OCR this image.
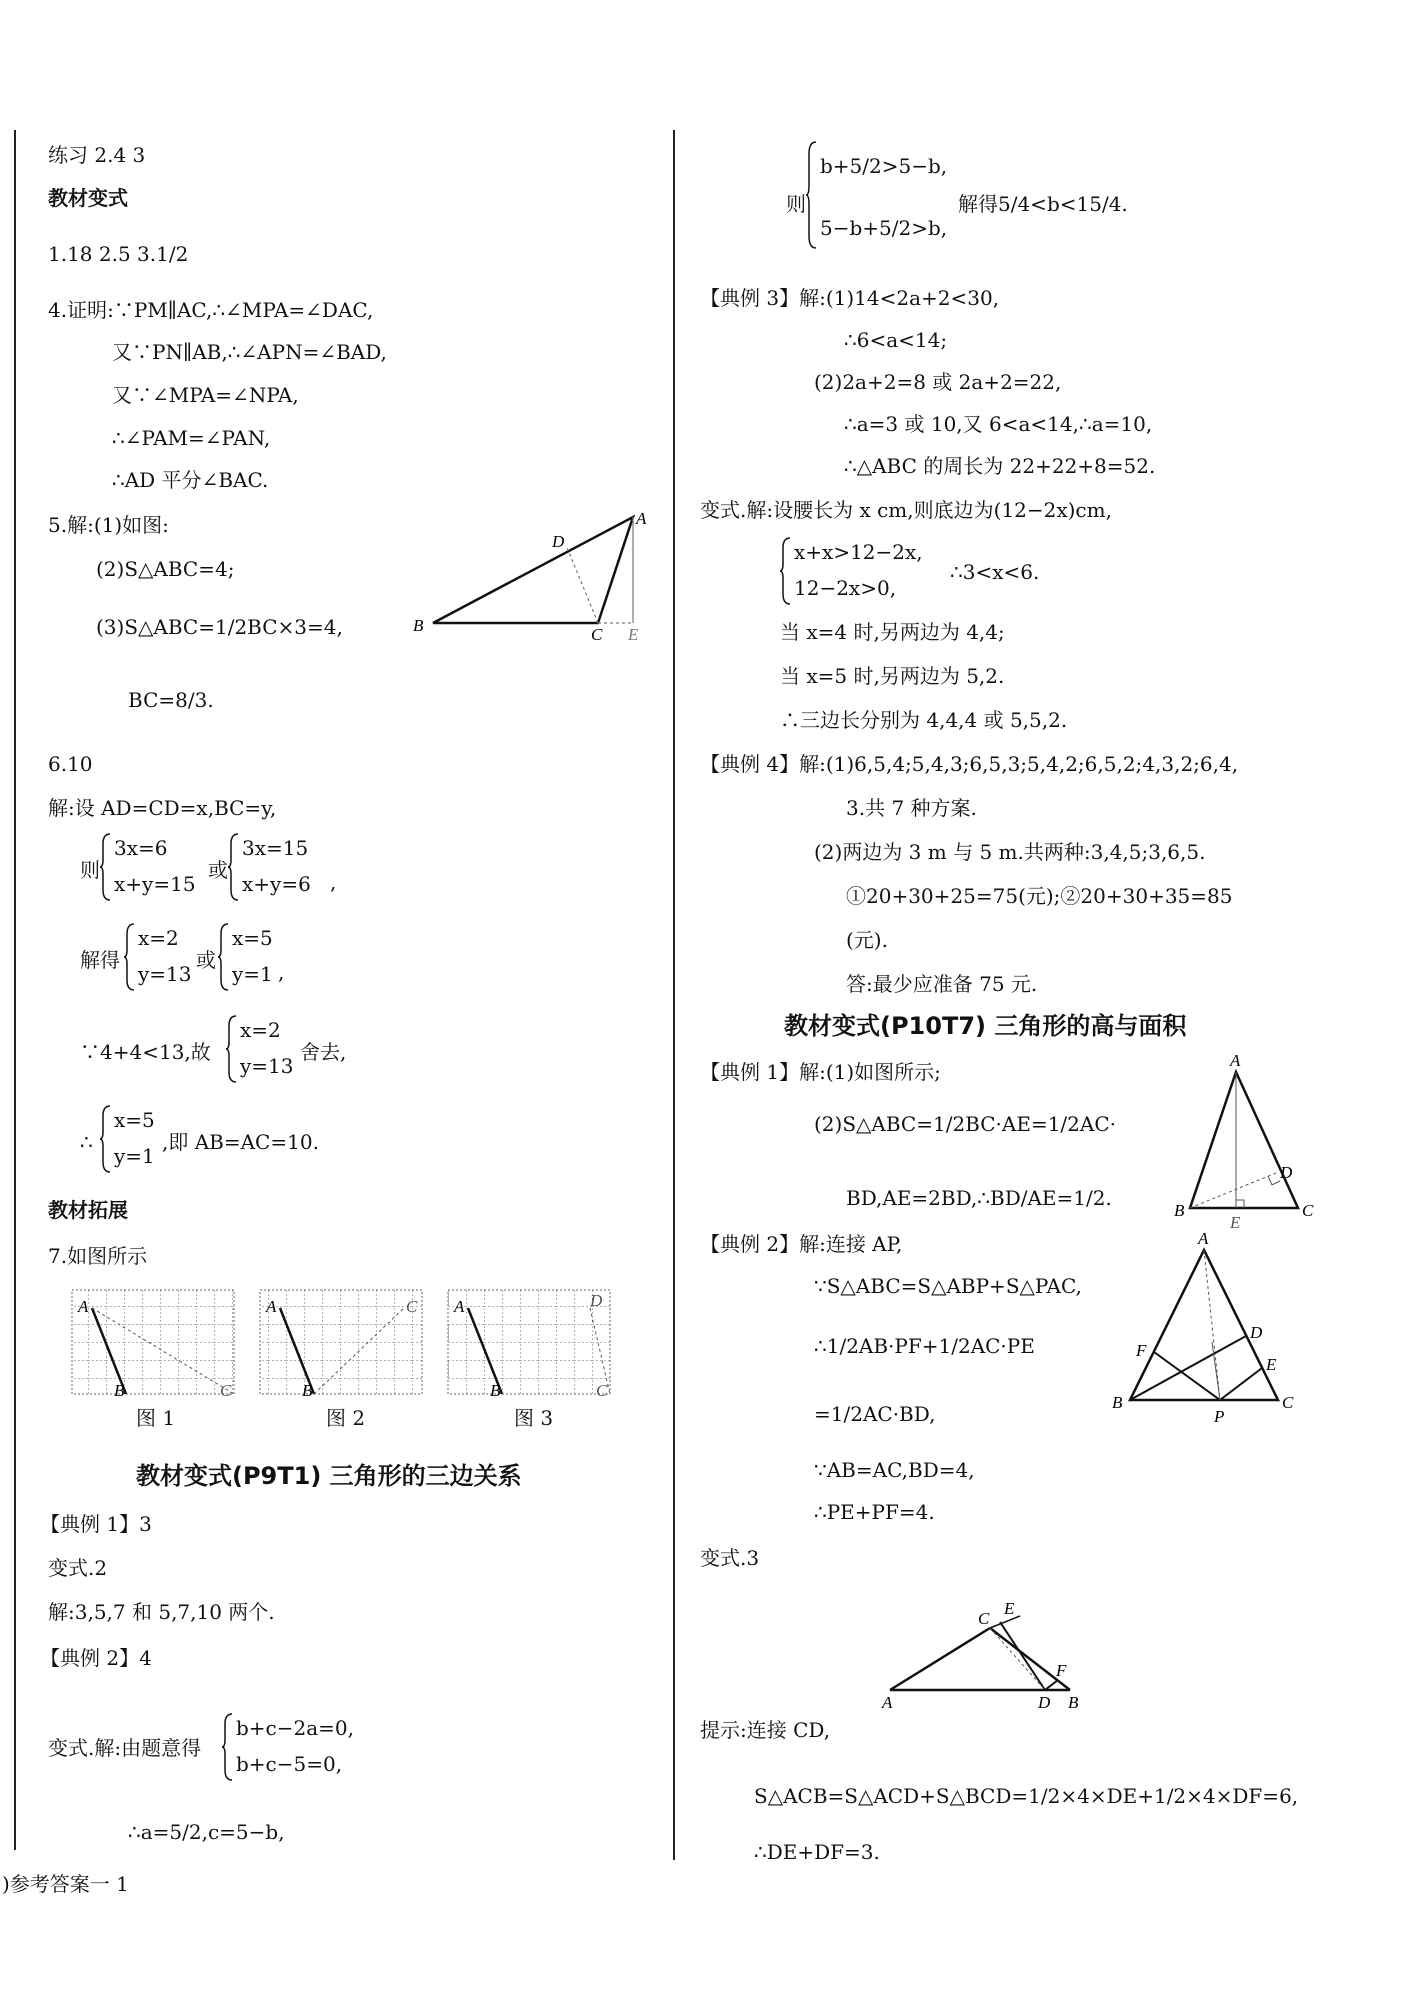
练习 2.4 3
教材变式
1.18 2.5 3.1/2
4.证明:∵PM∥AC,∴∠MPA=∠DAC,
又∵PN∥AB,∴∠APN=∠BAD,
又∵∠MPA=∠NPA,
∴∠PAM=∠PAN,
∴AD 平分∠BAC.
5.解:(1)如图:
(2)S△ABC=4;
(3)S△ABC=1/2BC×3=4,
BC=8/3.
B	C
A
E
D
6.10
解:设 AD=CD=x,BC=y,
则
3x=6
x+y=15
或
3x=15
x+y=6 ,
解得
x=2
y=13
或
x=5
y=1 ,
∵4+4<13,故
x=2
y=13
舍去,
∴
x=5
y=1
,即 AB=AC=10.
教材拓展
7.如图所示
A
B	C
A
B
C A
B
D
C
图 1	图 2	图 3
教材变式(P9T1) 三角形的三边关系
【典例 1】3
变式.2
解:3,5,7 和 5,7,10 两个.
【典例 2】4
变式.解:由题意得
b+c−2a=0,
b+c−5=0,
∴a=5/2,c=5−b,
)参考答案一 1
则
b+5/2>5−b,
5−b+5/2>b,
解得5/4<b<15/4.
【典例 3】解:(1)14<2a+2<30,
∴6<a<14;
(2)2a+2=8 或 2a+2=22,
∴a=3 或 10,又 6<a<14,∴a=10,
∴△ABC 的周长为 22+22+8=52.
变式.解:设腰长为 x cm,则底边为(12−2x)cm,
x+x>12−2x,
12−2x>0,
∴3<x<6.
当 x=4 时,另两边为 4,4;
当 x=5 时,另两边为 5,2.
∴三边长分别为 4,4,4 或 5,5,2.
【典例 4】解:(1)6,5,4;5,4,3;6,5,3;5,4,2;6,5,2;4,3,2;6,4,
3.共 7 种方案.
(2)两边为 3 m 与 5 m.共两种:3,4,5;3,6,5.
①20+30+25=75(元);②20+30+35=85
(元).
答:最少应准备 75 元.
教材变式(P10T7) 三角形的高与面积
【典例 1】解:(1)如图所示;
(2)S△ABC=1/2BC·AE=1/2AC·
BD,AE=2BD,∴BD/AE=1/2.
A
B	C
D
E
【典例 2】解:连接 AP,
∵S△ABC=S△ABP+S△PAC,
∴1/2AB·PF+1/2AC·PE
=1/2AC·BD,
∵AB=AC,BD=4,
∴PE+PF=4.
A
B	C
D
E
F
P
变式.3
A	D B
C
E
F
提示:连接 CD,
S△ACB=S△ACD+S△BCD=1/2×4×DE+1/2×4×DF=6,
∴DE+DF=3.
